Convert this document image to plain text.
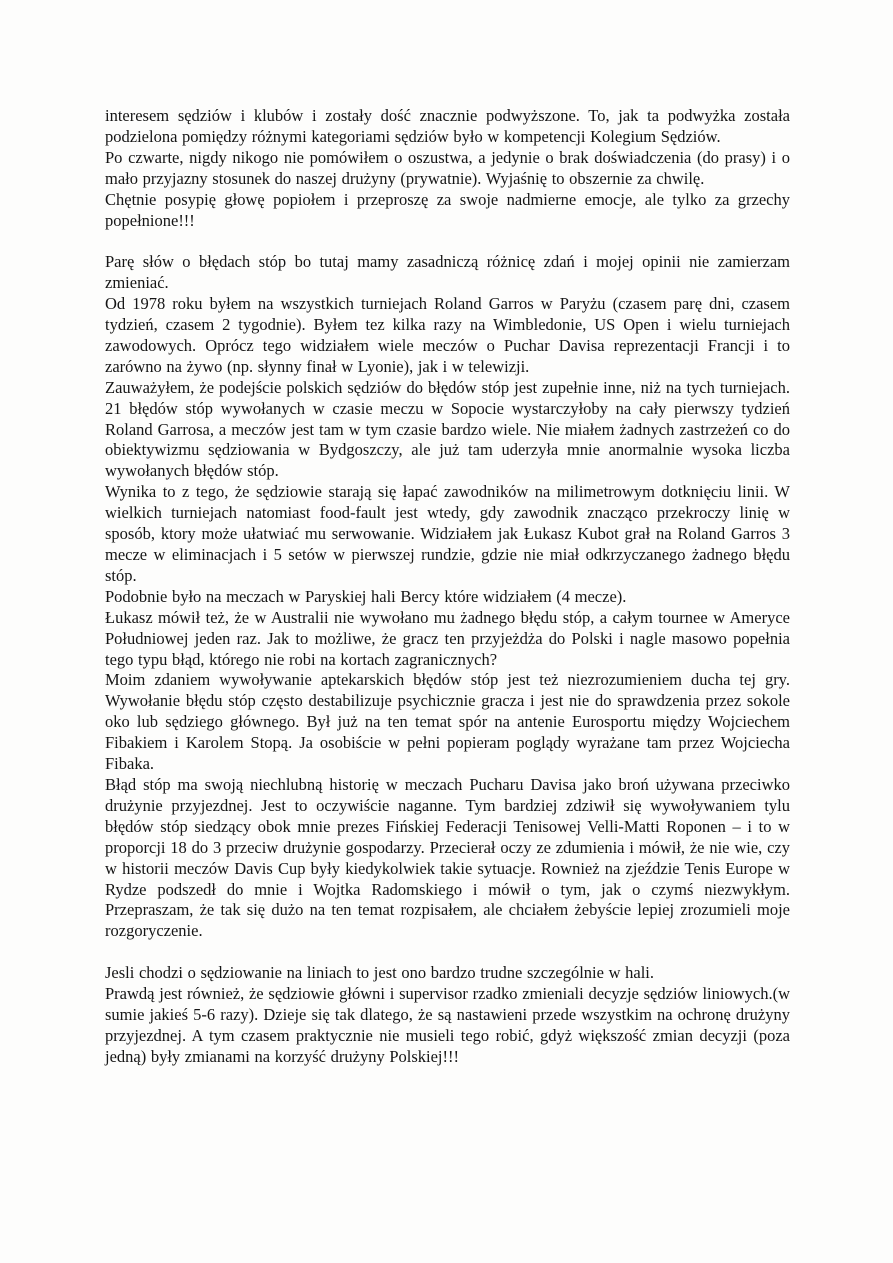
interesem sędziów i klubów i zostały dość znacznie podwyższone. To, jak ta podwyżka została podzielona pomiędzy różnymi kategoriami sędziów było w kompetencji Kolegium Sędziów.

Po czwarte, nigdy nikogo nie pomówiłem o oszustwa, a jedynie o brak doświadczenia (do prasy) i o mało przyjazny stosunek do naszej drużyny (prywatnie). Wyjaśnię to obszernie za chwilę.

Chętnie posypię głowę popiołem i przeproszę za swoje nadmierne emocje, ale tylko za grzechy popełnione!!!

Parę słów o błędach stóp bo tutaj mamy zasadniczą różnicę zdań i mojej opinii nie zamierzam zmieniać.

Od 1978 roku byłem na wszystkich turniejach Roland Garros w Paryżu (czasem parę dni, czasem tydzień, czasem 2 tygodnie). Byłem tez kilka razy na Wimbledonie, US Open i wielu turniejach zawodowych. Oprócz tego widziałem wiele meczów o Puchar Davisa reprezentacji Francji i to zarówno na żywo (np. słynny finał w Lyonie), jak i w telewizji.

Zauważyłem, że podejście polskich sędziów do błędów stóp jest zupełnie inne, niż na tych turniejach. 21 błędów stóp wywołanych w czasie meczu w Sopocie wystarczyłoby na cały pierwszy tydzień Roland Garrosa, a meczów jest tam w tym czasie bardzo wiele. Nie miałem żadnych zastrzeżeń co do obiektywizmu sędziowania w Bydgoszczy, ale już tam uderzyła mnie anormalnie wysoka liczba wywołanych błędów stóp.

Wynika to z tego, że sędziowie starają się łapać zawodników na milimetrowym dotknięciu linii. W wielkich turniejach natomiast food-fault jest wtedy, gdy zawodnik znacząco przekroczy linię w sposób, ktory może ułatwiać mu serwowanie. Widziałem jak Łukasz Kubot grał na Roland Garros 3 mecze w eliminacjach i 5 setów w pierwszej rundzie, gdzie nie miał odkrzyczanego żadnego błędu stóp.

Podobnie było na meczach w Paryskiej hali Bercy które widziałem (4 mecze).

Łukasz mówił też, że w Australii nie wywołano mu żadnego błędu stóp, a całym tournee w Ameryce Południowej jeden raz. Jak to możliwe, że gracz ten przyjeżdża do Polski i nagle masowo popełnia tego typu błąd, którego nie robi na kortach zagranicznych?

Moim zdaniem wywoływanie aptekarskich błędów stóp jest też niezrozumieniem ducha tej gry. Wywołanie błędu stóp często destabilizuje psychicznie gracza i jest nie do sprawdzenia przez sokole oko lub sędziego głównego. Był już na ten temat spór na antenie Eurosportu między Wojciechem Fibakiem i Karolem Stopą. Ja osobiście w pełni popieram poglądy wyrażane tam przez Wojciecha Fibaka.

Błąd stóp ma swoją niechlubną historię w meczach Pucharu Davisa jako broń używana przeciwko drużynie przyjezdnej. Jest to oczywiście naganne. Tym bardziej zdziwił się wywoływaniem tylu błędów stóp siedzący obok mnie prezes Fińskiej Federacji Tenisowej Velli-Matti Roponen – i to w proporcji 18 do 3 przeciw drużynie gospodarzy. Przecierał oczy ze zdumienia i mówił, że nie wie, czy w historii meczów Davis Cup były kiedykolwiek takie sytuacje. Rownież na zjeździe Tenis Europe w Rydze podszedł do mnie i Wojtka Radomskiego i mówił o tym, jak o czymś niezwykłym. Przepraszam, że tak się dużo na ten temat rozpisałem, ale chciałem żebyście lepiej zrozumieli moje rozgoryczenie.

Jesli chodzi o sędziowanie na liniach to jest ono bardzo trudne szczególnie w hali.

Prawdą jest również, że sędziowie główni i supervisor rzadko zmieniali decyzje sędziów liniowych.(w sumie jakieś 5-6 razy). Dzieje się tak dlatego, że są nastawieni przede wszystkim na ochronę drużyny przyjezdnej. A tym czasem praktycznie nie musieli tego robić, gdyż większość zmian decyzji (poza jedną) były zmianami na korzyść drużyny Polskiej!!!
